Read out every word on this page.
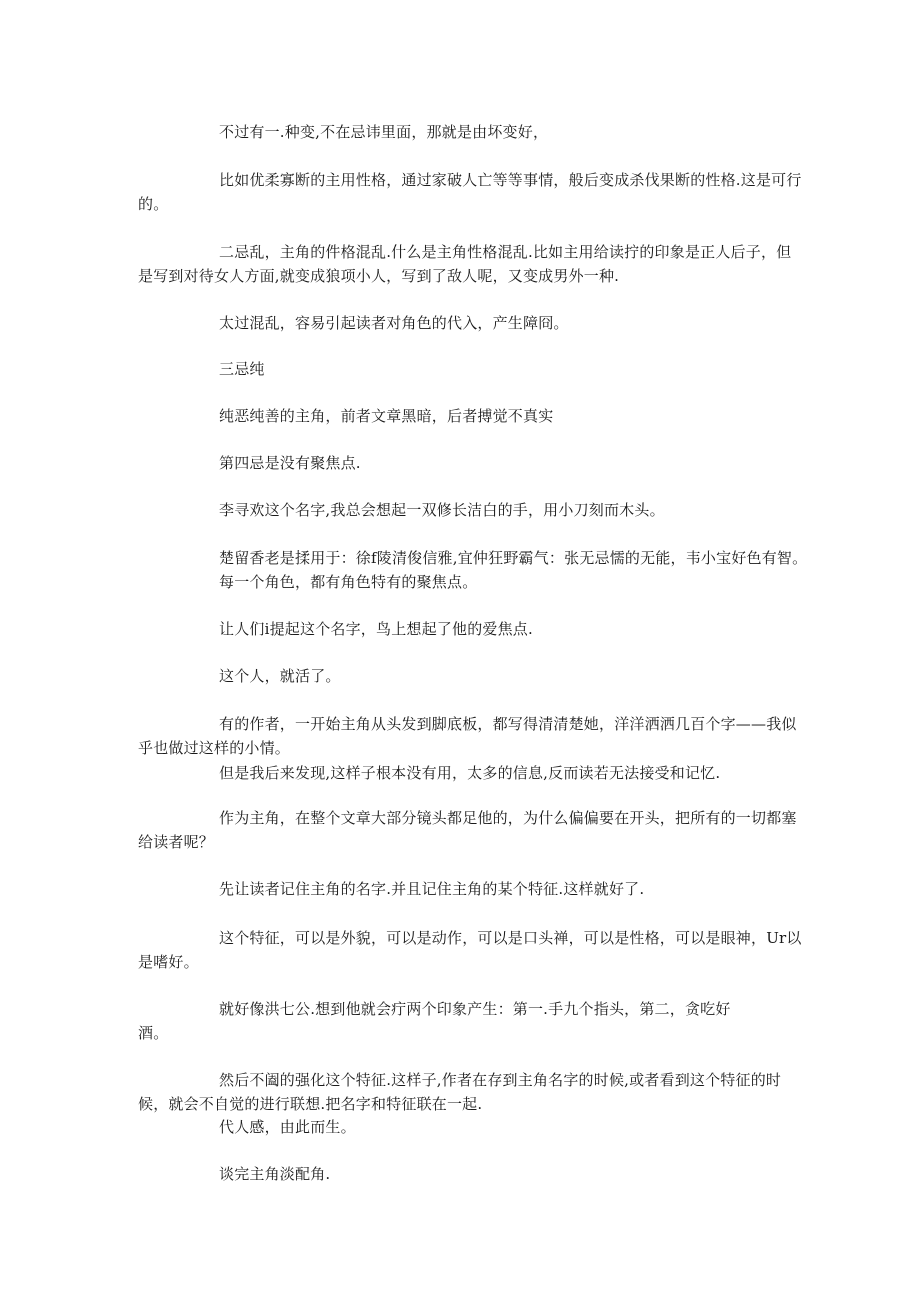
不过有一.种变,不在忌讳里面，那就是由坏变好，
比如优柔寡断的主用性格，通过家破人亡等等事情，般后变成杀伐果断的性格.这是可行
的。
二忌乱，主角的件格混乱.什么是主角性格混乱.比如主用给读拧的印象是正人后子，但
是写到对待女人方面,就变成狼项小人，写到了敌人呢，又变成男外一种.
太过混乱，容易引起读者对角色的代入，产生障冏。
三忌纯
纯恶纯善的主角，前者文章黑暗，后者搏觉不真实
第四忌是没有聚焦点.
李寻欢这个名字,我总会想起一双修长洁白的手，用小刀刻而木头。
楚留香老是揉用于：徐f陵清俊信雅,宜仲狂野霸气：张无忌懦的无能，韦小宝好色有智。
每一个角色，都有角色特有的聚焦点。
让人们i提起这个名字，鸟上想起了他的爱焦点.
这个人，就活了。
有的作者，一开始主角从头发到脚底板，都写得清清楚她，洋洋洒洒几百个字——我似
乎也做过这样的小情。
但是我后来发现,这样子根本没有用，太多的信息,反而读若无法接受和记忆.
作为主角，在整个文章大部分镜头都足他的，为什么偏偏要在开头，把所有的一切都塞
给读者呢？
先让读者记住主角的名字.并且记住主角的某个特征.这样就好了.
这个特征，可以是外貌，可以是动作，可以是口头禅，可以是性格，可以是眼神，Ur以
是嗜好。
就好像洪七公.想到他就会疔两个印象产生：第一.手九个指头，第二，贪吃好
酒。
然后不阖的强化这个特征.这样子,作者在存到主角名字的时候,或者看到这个特征的时
候，就会不自觉的进行联想.把名字和特征联在一起.
代人感，由此而生。
谈完主角淡配角.
